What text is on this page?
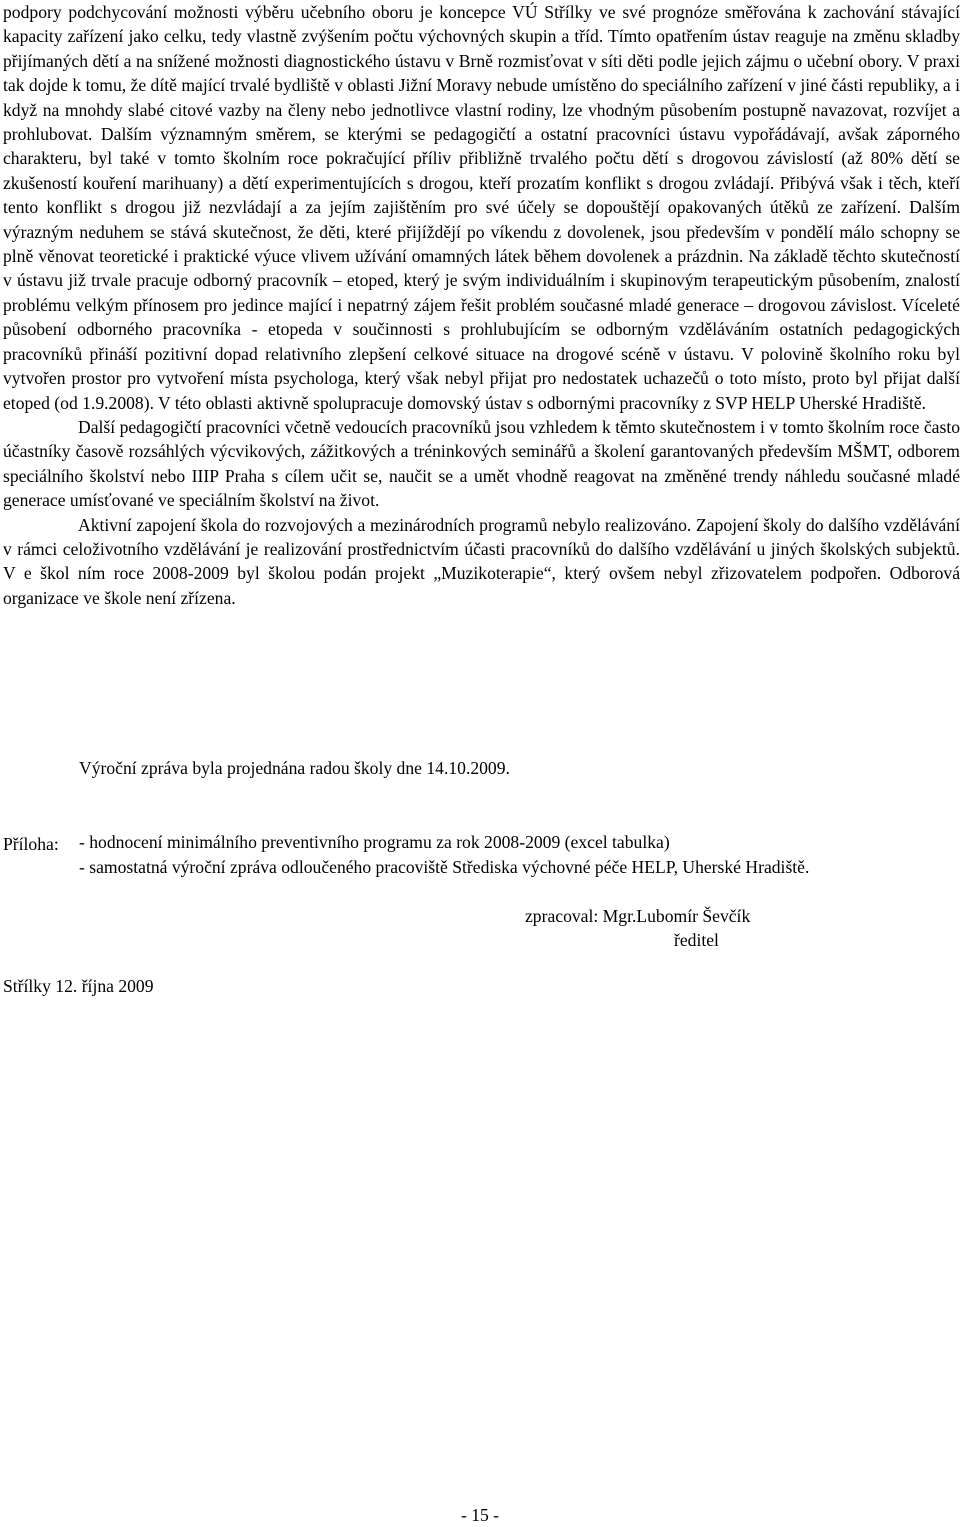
podpory podchycování možnosti výběru učebního oboru je koncepce VÚ Střílky ve své prognóze směřována k zachování stávající kapacity zařízení jako celku, tedy vlastně zvýšením počtu výchovných skupin a tříd. Tímto opatřením ústav reaguje na změnu skladby přijímaných dětí a na snížené možnosti diagnostického ústavu v Brně rozmisťovat v síti děti podle jejich zájmu o učební obory. V praxi tak dojde k tomu, že dítě mající trvalé bydliště v oblasti Jižní Moravy nebude umístěno do speciálního zařízení v jiné části republiky, a i když na mnohdy slabé citové vazby na členy nebo jednotlivce vlastní rodiny, lze vhodným působením postupně navazovat, rozvíjet a prohlubovat. Dalším významným směrem, se kterými se pedagogičtí a ostatní pracovníci ústavu vypořádávají, avšak záporného charakteru, byl také v tomto školním roce pokračující příliv přibližně trvalého počtu dětí s drogovou závislostí (až 80% dětí se zkušeností kouření marihuany) a dětí experimentujících s drogou, kteří prozatím konflikt s drogou zvládají. Přibývá však i těch, kteří tento konflikt s drogou již nezvládají a za jejím zajištěním pro své účely se dopouštějí opakovaných útěků ze zařízení. Dalším výrazným neduhem se stává skutečnost, že děti, které přijíždějí po víkendu z dovolenek, jsou především v pondělí málo schopny se plně věnovat teoretické i praktické výuce vlivem užívání omamných látek během dovolenek a prázdnin. Na základě těchto skutečností v ústavu již trvale pracuje odborný pracovník – etoped, který je svým individuálním i skupinovým terapeutickým působením, znalostí problému velkým přínosem pro jedince mající i nepatrný zájem řešit problém současné mladé generace – drogovou závislost. Víceleté působení odborného pracovníka - etopeda v součinnosti s prohlubujícím se odborným vzděláváním ostatních pedagogických pracovníků přináší pozitivní dopad relativního zlepšení celkové situace na drogové scéně v ústavu. V polovině školního roku byl vytvořen prostor pro vytvoření místa psychologa, který však nebyl přijat pro nedostatek uchazečů o toto místo, proto byl přijat další etoped (od 1.9.2008). V této oblasti aktivně spolupracuje domovský ústav s odbornými pracovníky z SVP HELP Uherské Hradiště.

Další pedagogičtí pracovníci včetně vedoucích pracovníků jsou vzhledem k těmto skutečnostem i v tomto školním roce často účastníky časově rozsáhlých výcvikových, zážitkových a tréninkových seminářů a školení garantovaných především MŠMT, odborem speciálního školství nebo IIIP Praha s cílem učit se, naučit se a umět vhodně reagovat na změněné trendy náhledu současné mladé generace umísťované ve speciálním školství na život.

Aktivní zapojení škola do rozvojových a mezinárodních programů nebylo realizováno. Zapojení školy do dalšího vzdělávání v rámci celoživotního vzdělávání je realizování prostřednictvím účasti pracovníků do dalšího vzdělávání u jiných školských subjektů. V e škol ním roce 2008-2009 byl školou podán projekt „Muzikoterapie“, který ovšem nebyl zřizovatelem podpořen. Odborová organizace ve škole není zřízena.

Výroční zpráva byla projednána radou školy dne 14.10.2009.
Příloha: - hodnocení minimálního preventivního programu za rok 2008-2009 (excel tabulka)
- samostatná výroční zpráva odloučeného pracoviště Střediska výchovné péče HELP, Uherské Hradiště.
zpracoval: Mgr.Lubomír Ševčík
ředitel
Střílky 12. října 2009
- 15 -
